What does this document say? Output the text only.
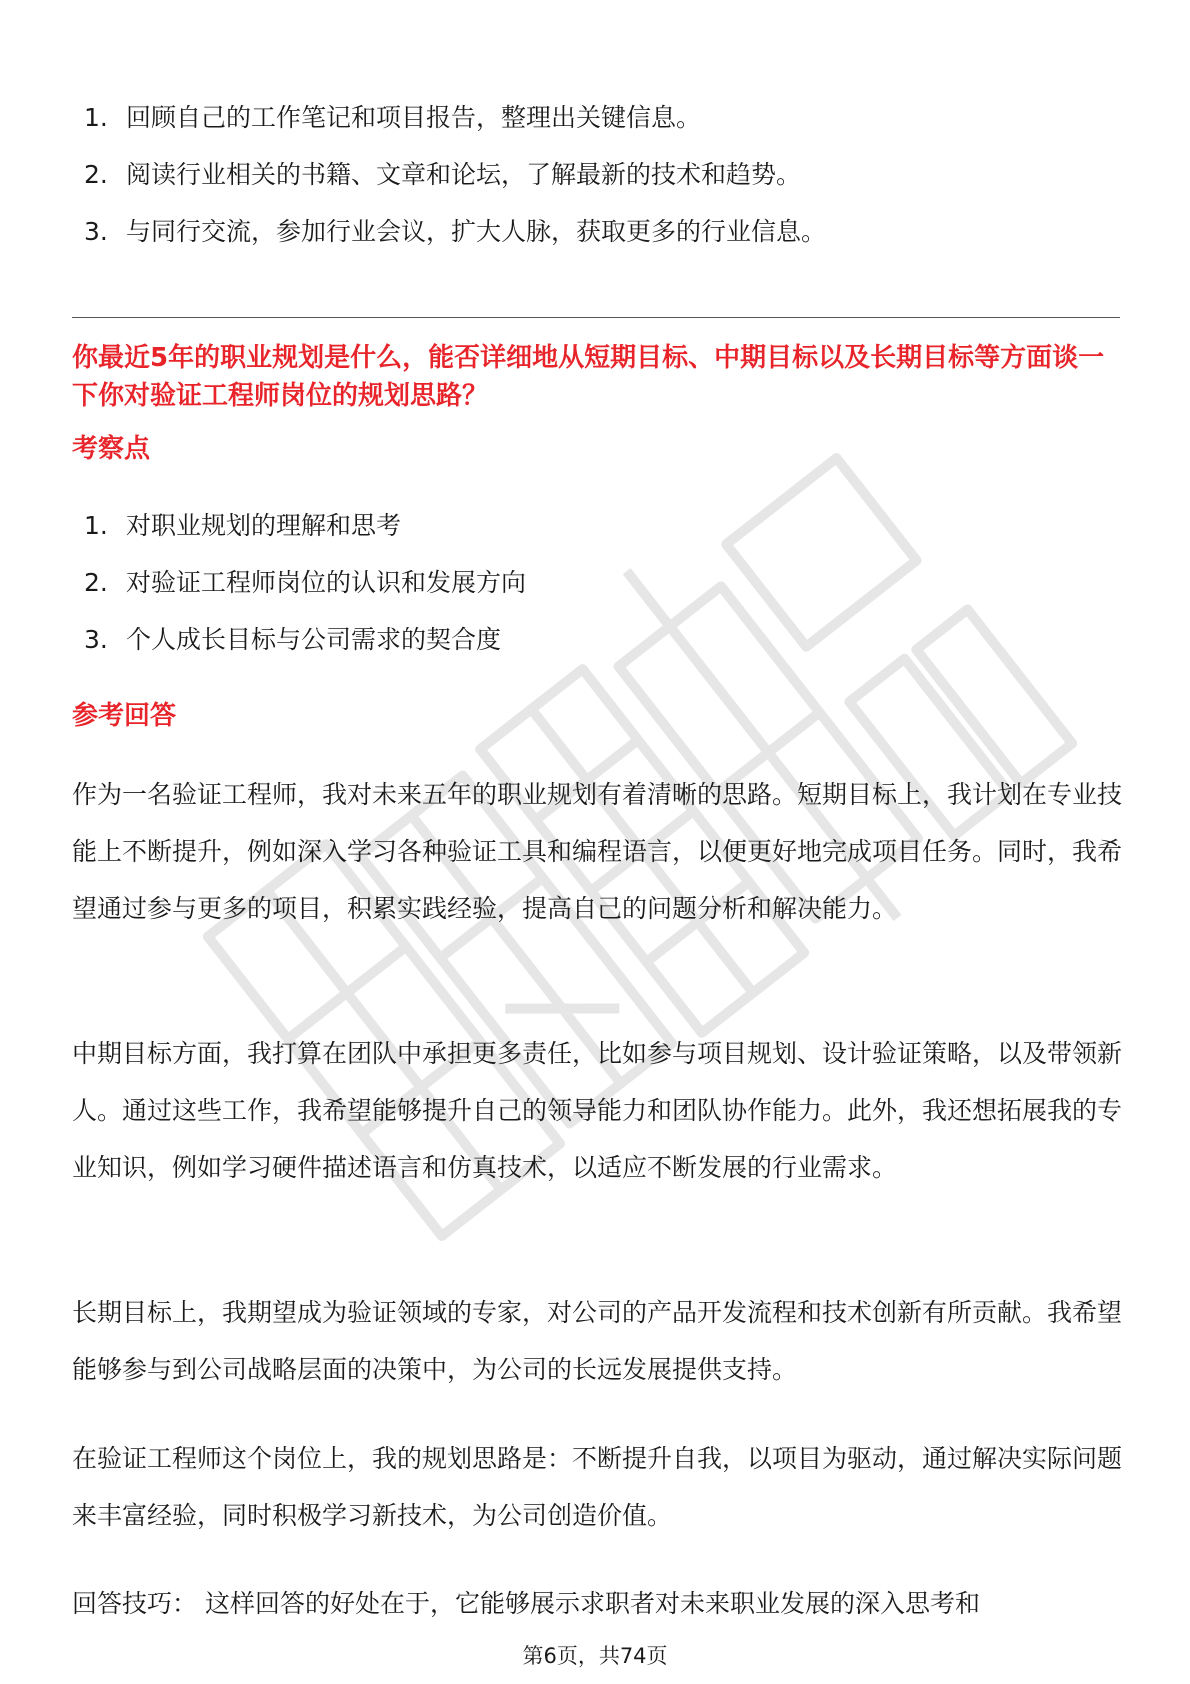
1. 回顾自己的工作笔记和项目报告，整理出关键信息。
2. 阅读行业相关的书籍、文章和论坛，了解最新的技术和趋势。
3. 与同行交流，参加行业会议，扩大人脉，获取更多的行业信息。
你最近5年的职业规划是什么，能否详细地从短期目标、中期目标以及长期目标等方面谈一下你对验证工程师岗位的规划思路？
考察点
1. 对职业规划的理解和思考
2. 对验证工程师岗位的认识和发展方向
3. 个人成长目标与公司需求的契合度
参考回答

作为一名验证工程师，我对未来五年的职业规划有着清晰的思路。短期目标上，我计划在专业技能上不断提升，例如深入学习各种验证工具和编程语言，以便更好地完成项目任务。同时，我希望通过参与更多的项目，积累实践经验，提高自己的问题分析和解决能力。

中期目标方面，我打算在团队中承担更多责任，比如参与项目规划、设计验证策略，以及带领新人。通过这些工作，我希望能够提升自己的领导能力和团队协作能力。此外，我还想拓展我的专业知识，例如学习硬件描述语言和仿真技术，以适应不断发展的行业需求。

长期目标上，我期望成为验证领域的专家，对公司的产品开发流程和技术创新有所贡献。我希望能够参与到公司战略层面的决策中，为公司的长远发展提供支持。

在验证工程师这个岗位上，我的规划思路是：不断提升自我，以项目为驱动，通过解决实际问题来丰富经验，同时积极学习新技术，为公司创造价值。

回答技巧： 这样回答的好处在于，它能够展示求职者对未来职业发展的深入思考和

第6页，共74页
